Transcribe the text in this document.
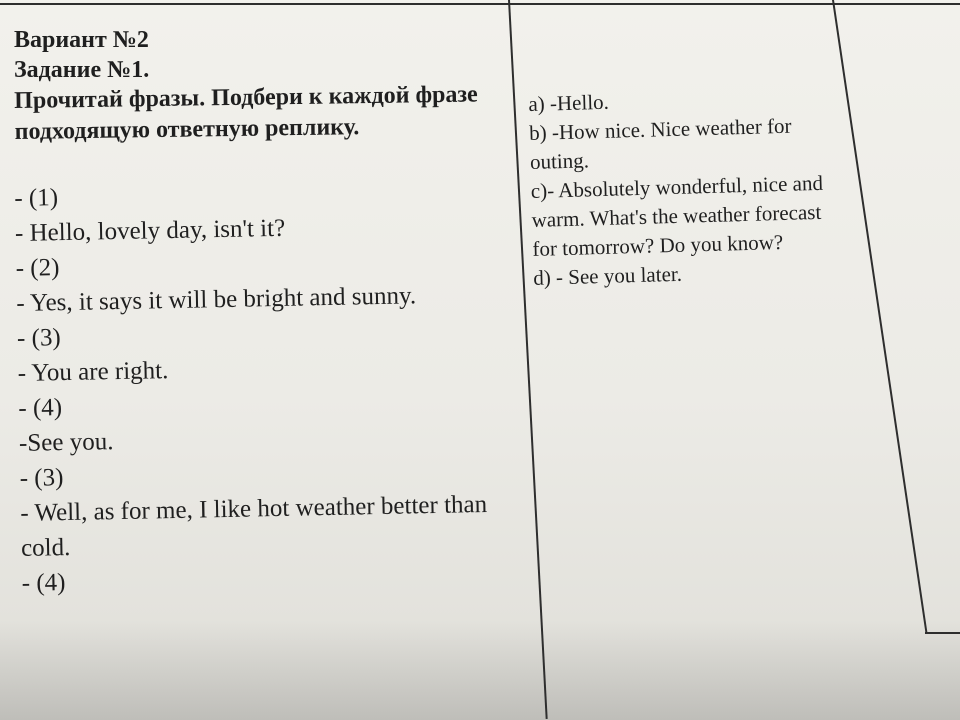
Вариант №2
Задание №1.
Прочитай фразы. Подбери к каждой фразе подходящую ответную реплику.
- (1)
- Hello, lovely day, isn't it?
- (2)
- Yes, it says it will be bright and sunny.
- (3)
- You are right.
- (4)
-See you.
- (3)
- Well, as for me, I like hot weather better than cold.
- (4)
a) -Hello.
b) -How nice. Nice weather for outing.
c)- Absolutely wonderful, nice and warm. What's the weather forecast for tomorrow? Do you know?
d) - See you later.
